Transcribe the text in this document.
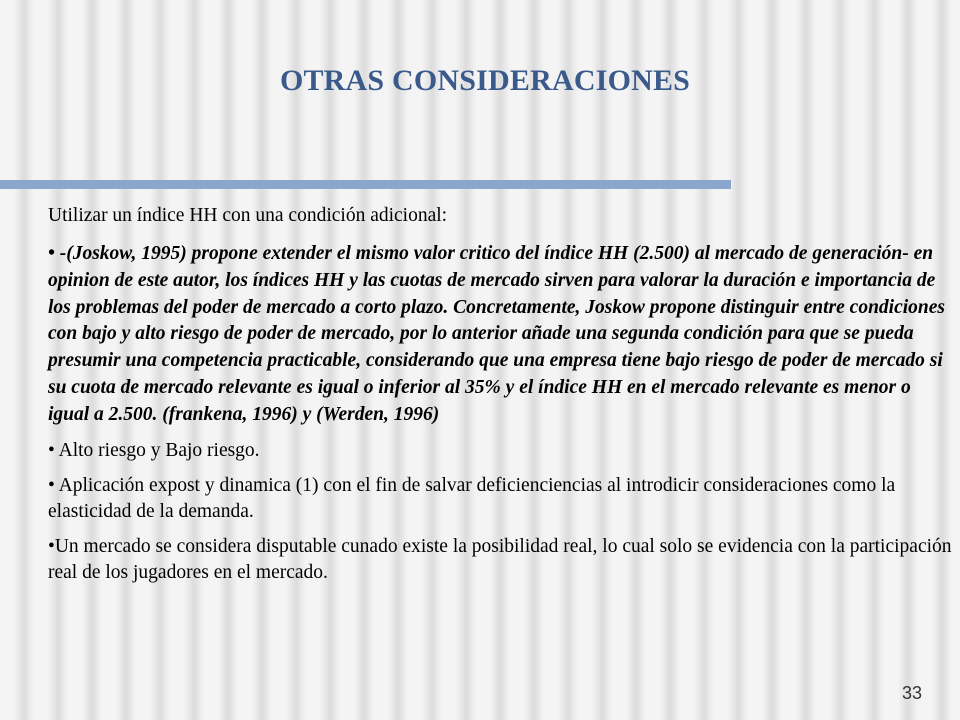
OTRAS CONSIDERACIONES

Utilizar un índice HH con una condición adicional:

• -(Joskow, 1995) propone extender el mismo valor critico del índice HH (2.500) al mercado de generación- en opinion de este autor, los índices HH y las cuotas de mercado sirven para valorar la duración e importancia de los problemas del poder de mercado a corto plazo. Concretamente, Joskow propone distinguir entre condiciones con bajo y alto riesgo de poder de mercado, por lo anterior añade una segunda condición para que se pueda presumir una competencia practicable, considerando que una empresa tiene bajo riesgo de poder de mercado si su cuota de mercado relevante es igual o inferior al 35% y el índice HH en el mercado relevante es menor o igual a 2.500. (frankena, 1996) y (Werden, 1996)

• Alto riesgo y Bajo riesgo.

• Aplicación expost y dinamica (1) con el fin de salvar deficienciencias al introdicir consideraciones como la elasticidad de la demanda.

•Un mercado se considera disputable cunado existe la posibilidad real, lo cual solo se evidencia con la participación real de los jugadores en el mercado.

33
